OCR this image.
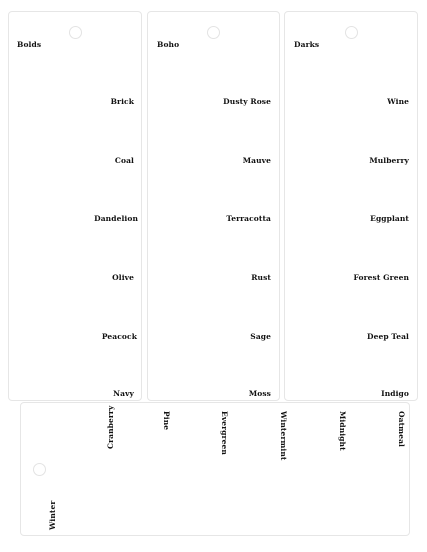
Bolds
Brick
Coal
Dandelion
Olive
Peacock
Navy
Boho
Dusty Rose
Mauve
Terracotta
Rust
Sage
Moss
Darks
Wine
Mulberry
Eggplant
Forest Green
Deep Teal
Indigo
Winter
Cranberry	Pine	Evergreen	Wintermint	Midnight	Oatmeal
